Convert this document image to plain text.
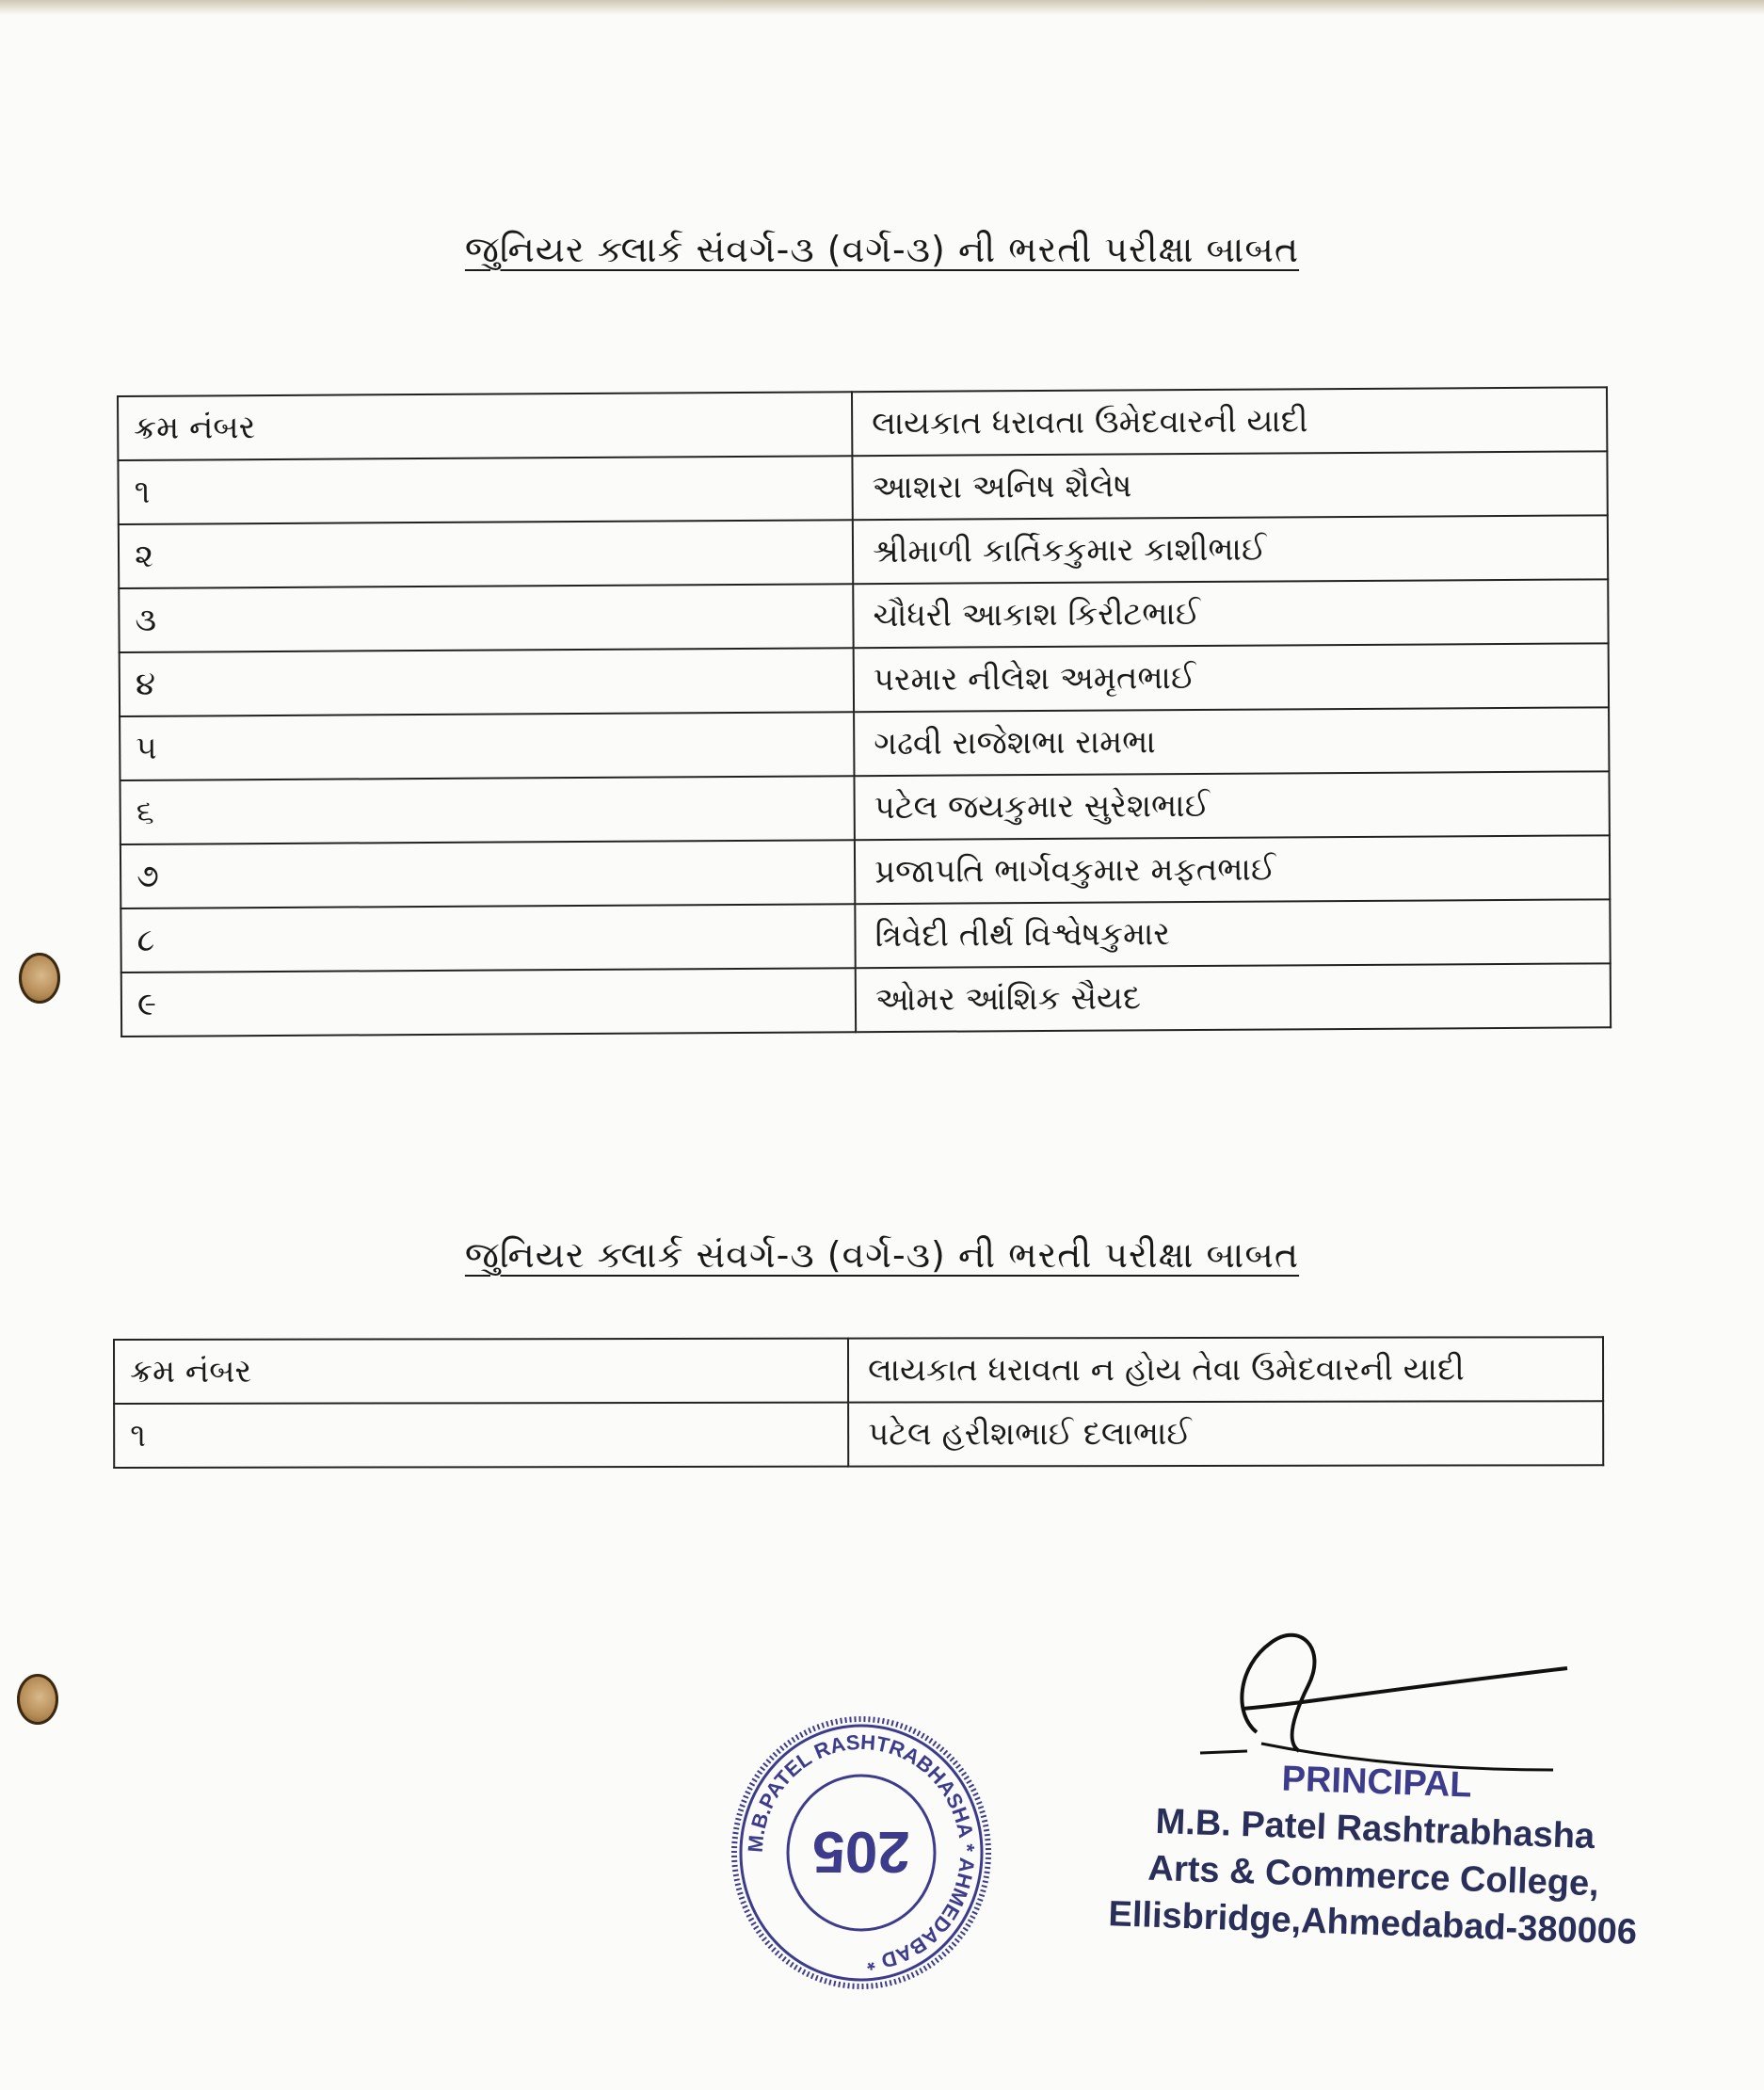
જુનિયર ક્લાર્ક સંવર્ગ-૩ (વર્ગ-૩) ની ભરતી પરીક્ષા બાબત
ક્રમ નંબર	લાયકાત ધરાવતા ઉમેદવારની યાદી
૧	આશરા અનિષ શૈલેષ
૨	શ્રીમાળી કાર્તિકકુમાર કાશીભાઈ
૩	ચૌધરી આકાશ કિરીટભાઈ
૪	પરમાર નીલેશ અમૃતભાઈ
૫	ગઢવી રાજેશભા રામભા
૬	પટેલ જયકુમાર સુરેશભાઈ
૭	પ્રજાપતિ ભાર્ગવકુમાર મફતભાઈ
૮	ત્રિવેદી તીર્થ વિશ્વેષકુમાર
૯	ઓમર આંશિક સૈયદ
જુનિયર ક્લાર્ક સંવર્ગ-૩ (વર્ગ-૩) ની ભરતી પરીક્ષા બાબત
ક્રમ નંબર	લાયકાત ધરાવતા ન હોય તેવા ઉમેદવારની યાદી
૧	પટેલ હરીશભાઈ દલાભાઈ
M.B.PATEL RASHTRABHASHA * AHMEDABAD *
205
PRINCIPAL
M.B. Patel Rashtrabhasha
Arts & Commerce College,
Ellisbridge,Ahmedabad-380006
